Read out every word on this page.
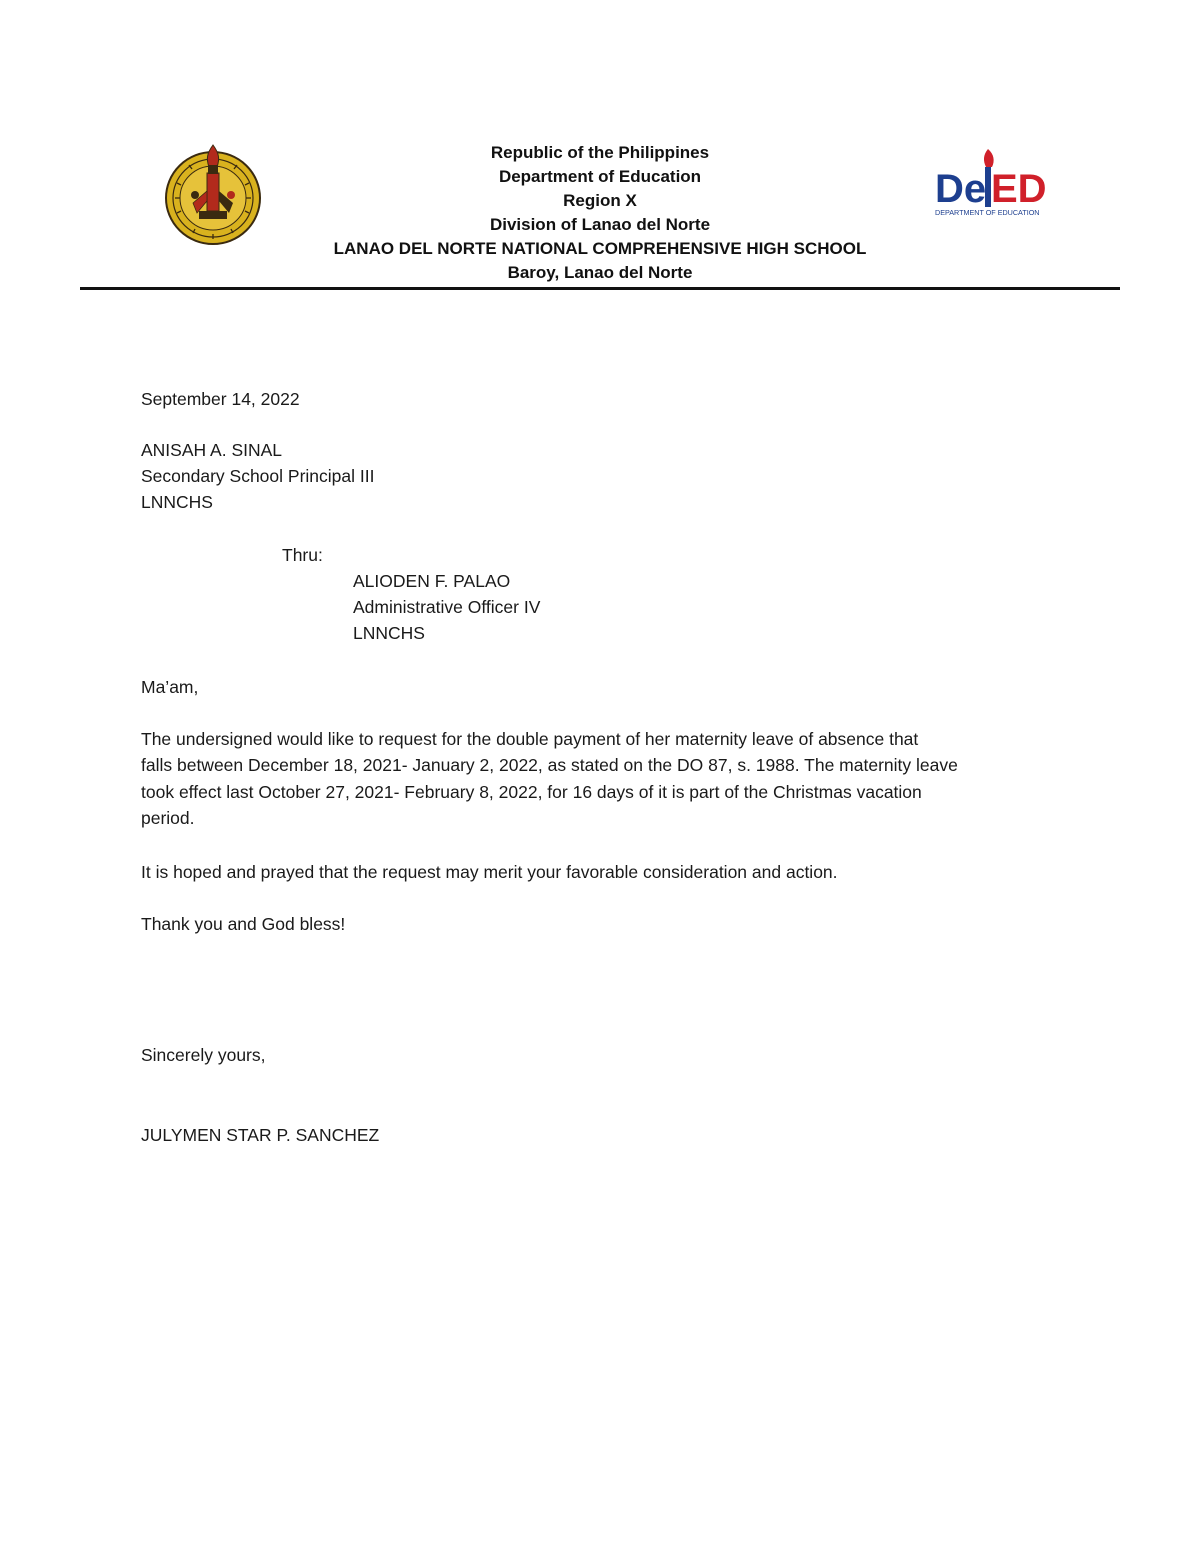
Republic of the Philippines
Department of Education
Region X
Division of Lanao del Norte
LANAO DEL NORTE NATIONAL COMPREHENSIVE HIGH SCHOOL
Baroy, Lanao del Norte
De ED
DEPARTMENT OF EDUCATION
September 14, 2022
ANISAH A. SINAL
Secondary School Principal III
LNNCHS
Thru:
ALIODEN F. PALAO
Administrative Officer IV
LNNCHS
Ma’am,
The undersigned would like to request for the double payment of her maternity leave of absence that
falls between December 18, 2021- January 2, 2022, as stated on the DO 87, s. 1988. The maternity leave
took effect last October 27, 2021- February 8, 2022, for 16 days of it is part of the Christmas vacation
period.
It is hoped and prayed that the request may merit your favorable consideration and action.
Thank you and God bless!
Sincerely yours,
JULYMEN STAR P. SANCHEZ
